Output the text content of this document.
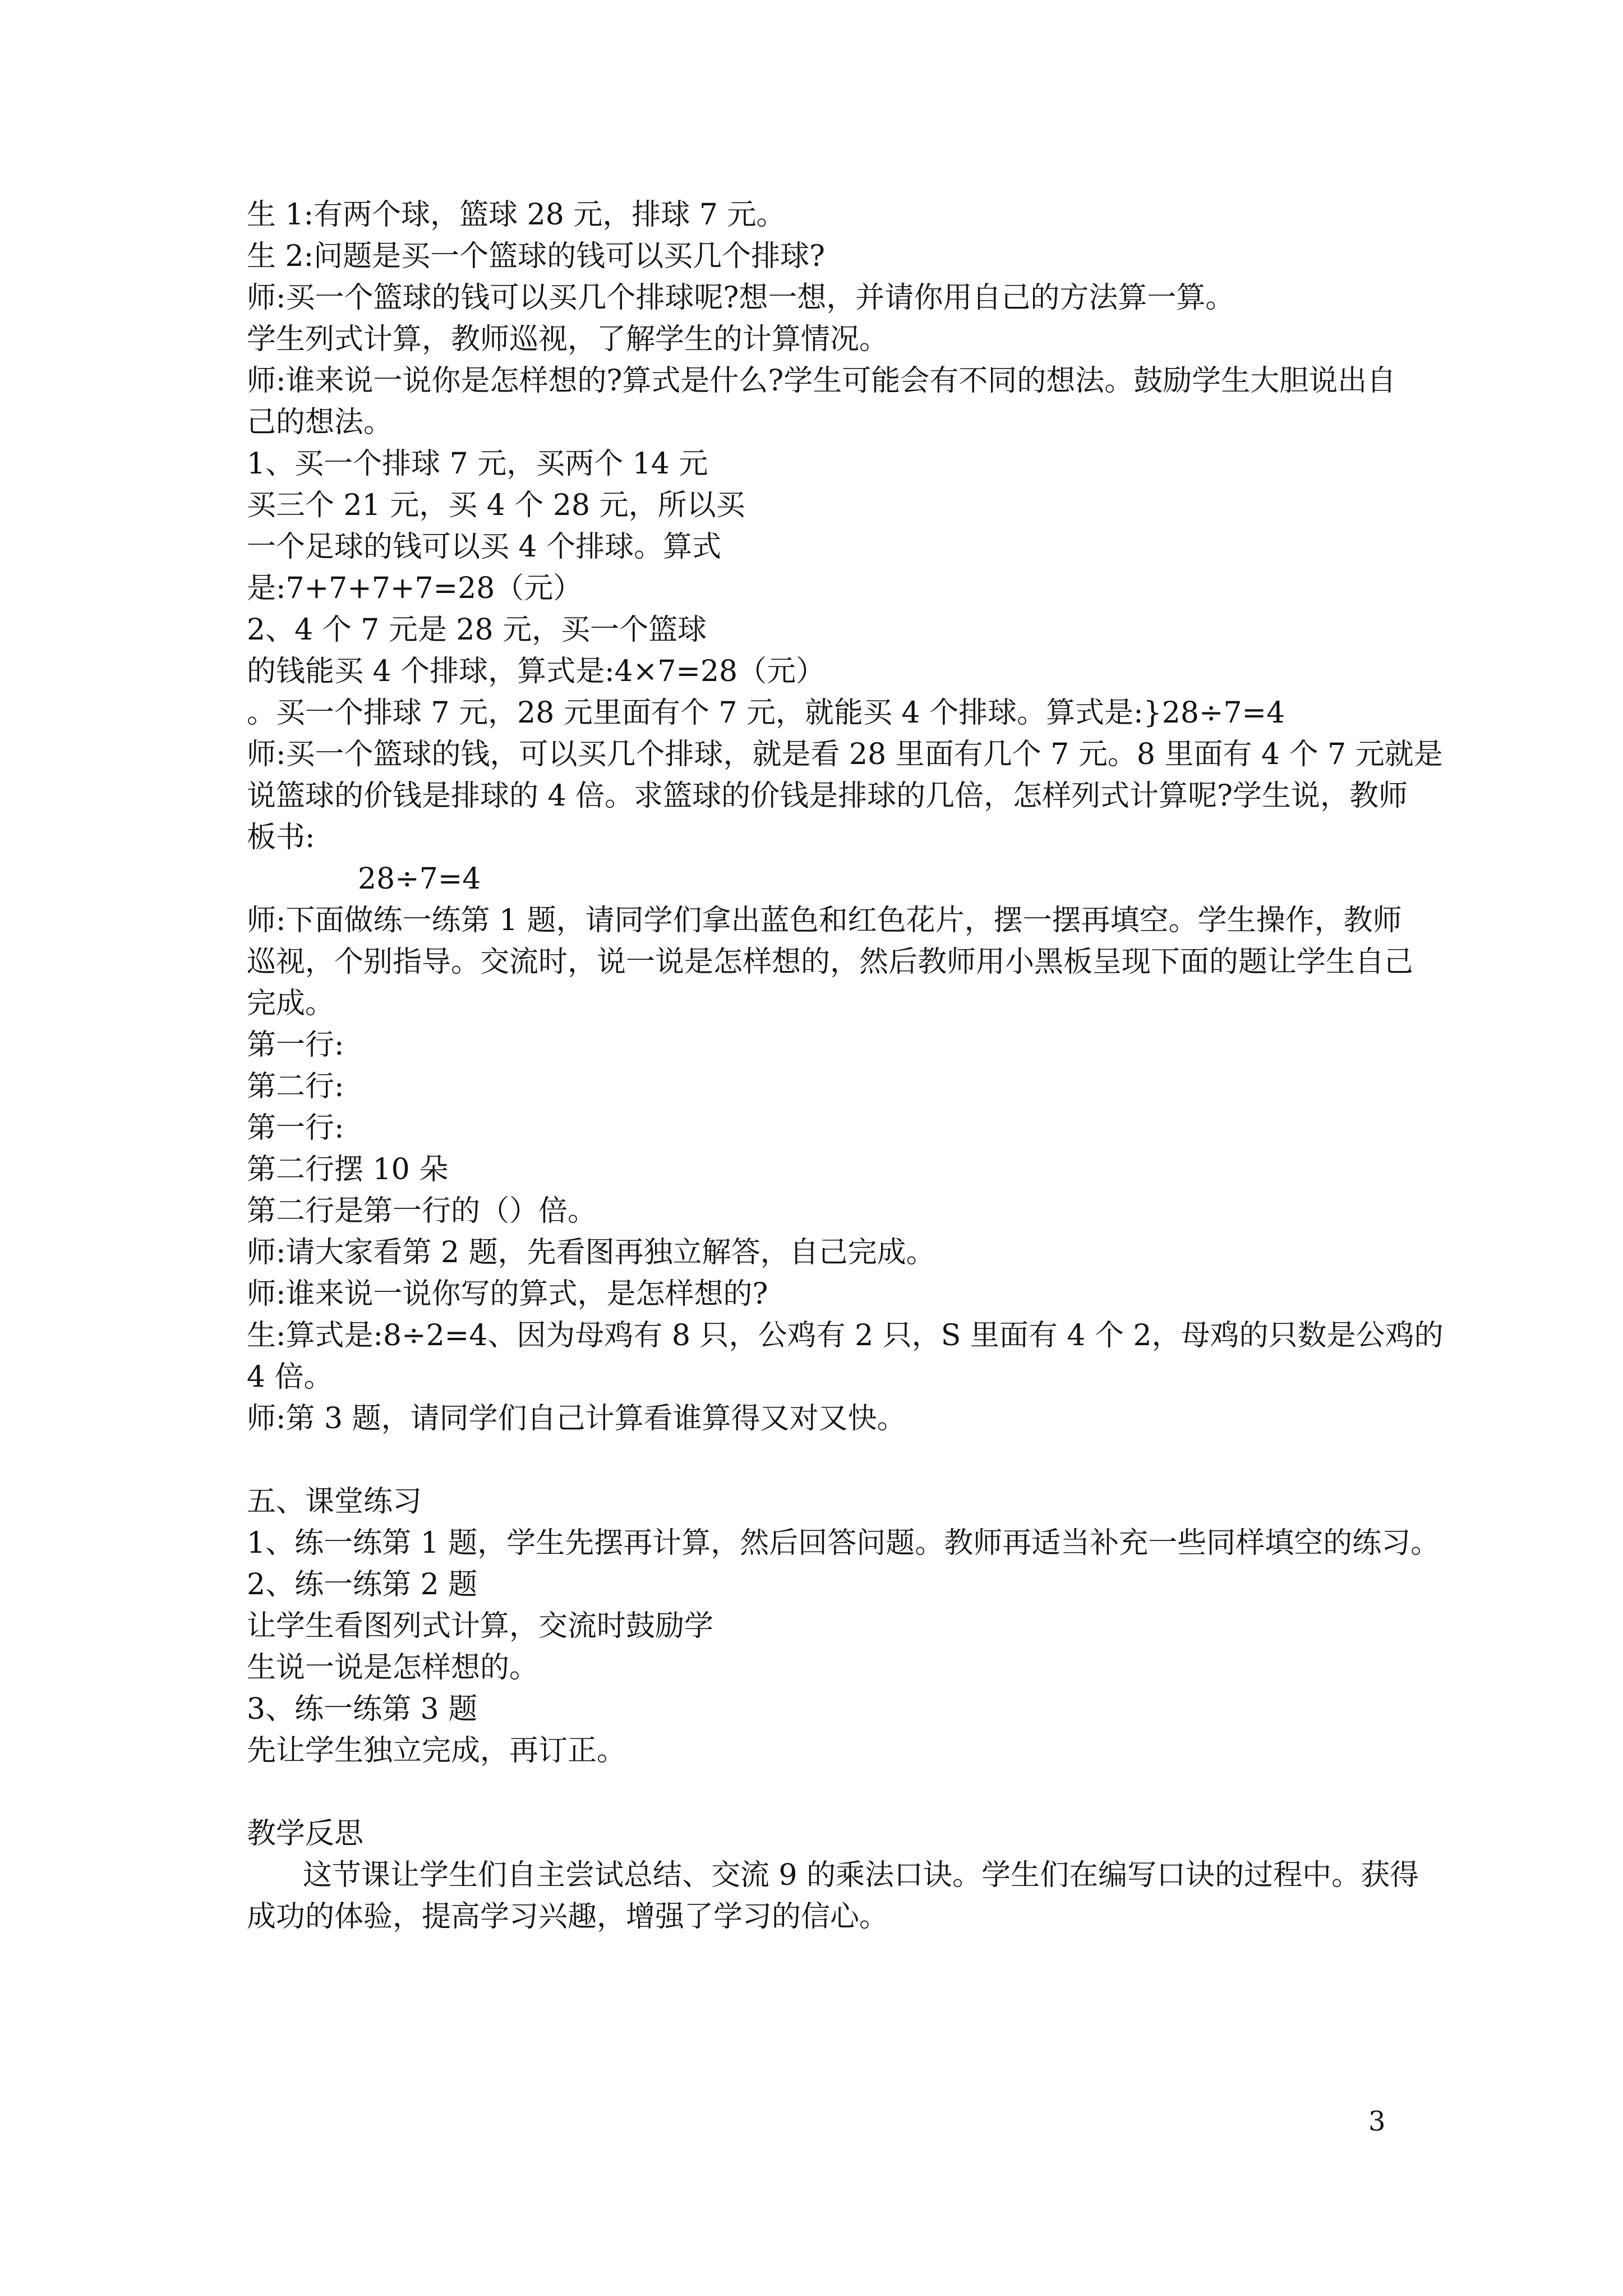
生 1:有两个球，篮球 28 元，排球 7 元。

生 2:问题是买一个篮球的钱可以买几个排球?

师:买一个篮球的钱可以买几个排球呢?想一想，并请你用自己的方法算一算。

学生列式计算，教师巡视，了解学生的计算情况。

师:谁来说一说你是怎样想的?算式是什么?学生可能会有不同的想法。鼓励学生大胆说出自

己的想法。

1、买一个排球 7 元，买两个 14 元

买三个 21 元，买 4 个 28 元，所以买

一个足球的钱可以买 4 个排球。算式

是:7+7+7+7=28（元）

2、4 个 7 元是 28 元，买一个篮球

的钱能买 4 个排球，算式是:4×7=28（元）

。买一个排球 7 元，28 元里面有个 7 元，就能买 4 个排球。算式是:}28÷7=4

师:买一个篮球的钱，可以买几个排球，就是看 28 里面有几个 7 元。8 里面有 4 个 7 元就是

说篮球的价钱是排球的 4 倍。求篮球的价钱是排球的几倍，怎样列式计算呢?学生说，教师

板书:

28÷7=4

师:下面做练一练第 1 题，请同学们拿出蓝色和红色花片，摆一摆再填空。学生操作，教师

巡视，个别指导。交流时，说一说是怎样想的，然后教师用小黑板呈现下面的题让学生自己

完成。

第一行:

第二行:

第一行:

第二行摆 10 朵

第二行是第一行的（）倍。

师:请大家看第 2 题，先看图再独立解答，自己完成。

师:谁来说一说你写的算式，是怎样想的?

生:算式是:8÷2=4、因为母鸡有 8 只，公鸡有 2 只，S 里面有 4 个 2，母鸡的只数是公鸡的

4 倍。

师:第 3 题，请同学们自己计算看谁算得又对又快。

五、课堂练习

1、练一练第 1 题，学生先摆再计算，然后回答问题。教师再适当补充一些同样填空的练习。

2、练一练第 2 题

让学生看图列式计算，交流时鼓励学

生说一说是怎样想的。

3、练一练第 3 题

先让学生独立完成，再订正。

教学反思

这节课让学生们自主尝试总结、交流 9 的乘法口诀。学生们在编写口诀的过程中。获得

成功的体验，提高学习兴趣，增强了学习的信心。

3
